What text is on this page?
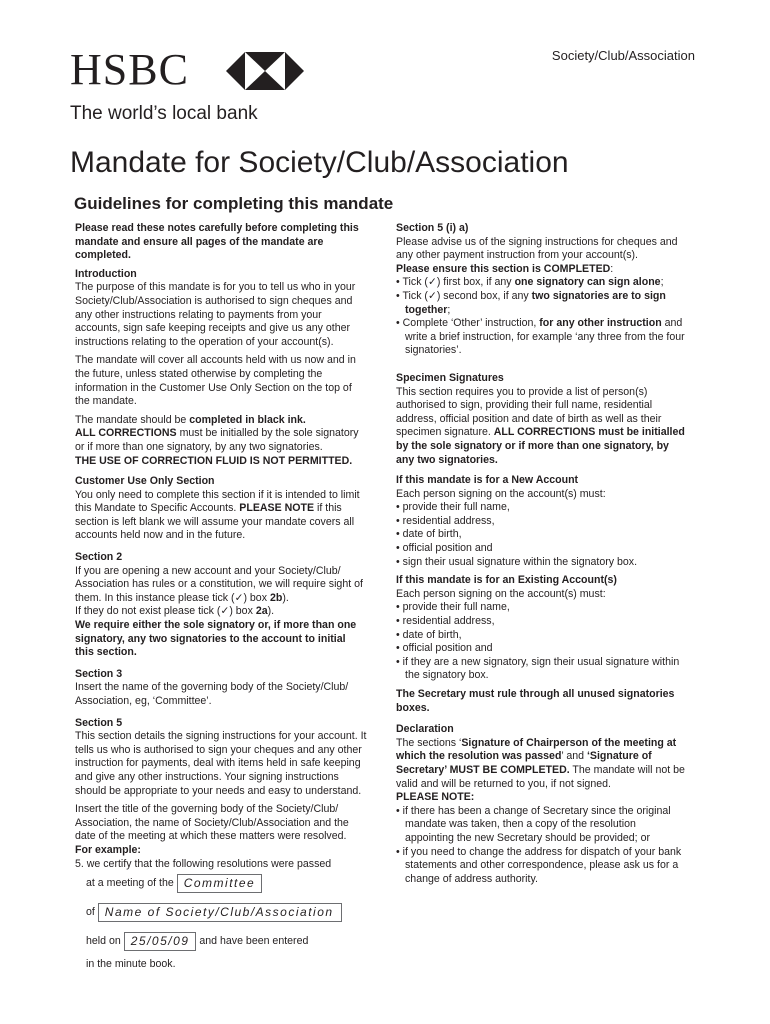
HSBC
The world’s local bank
Society/Club/Association
Mandate for Society/Club/Association
Guidelines for completing this mandate

Please read these notes carefully before completing this mandate and ensure all pages of the mandate are completed.

Introduction

The purpose of this mandate is for you to tell us who in your Society/Club/Association is authorised to sign cheques and any other instructions relating to payments from your accounts, sign safe keeping receipts and give us any other instructions relating to the operation of your account(s).

The mandate will cover all accounts held with us now and in the future, unless stated otherwise by completing the information in the Customer Use Only Section on the top of the mandate.

The mandate should be completed in black ink.

ALL CORRECTIONS must be initialled by the sole signatory or if more than one signatory, by any two signatories.

THE USE OF CORRECTION FLUID IS NOT PERMITTED.

Customer Use Only Section

You only need to complete this section if it is intended to limit this Mandate to Specific Accounts. PLEASE NOTE if this section is left blank we will assume your mandate covers all accounts held now and in the future.

Section 2

If you are opening a new account and your Society/Club/ Association has rules or a constitution, we will require sight of them. In this instance please tick (✓) box 2b).

If they do not exist please tick (✓) box 2a).

We require either the sole signatory or, if more than one signatory, any two signatories to the account to initial this section.

Section 3

Insert the name of the governing body of the Society/Club/ Association, eg, ‘Committee’.

Section 5

This section details the signing instructions for your account. It tells us who is authorised to sign your cheques and any other instruction for payments, deal with items held in safe keeping and give any other instructions. Your signing instructions should be appropriate to your needs and easy to understand.

Insert the title of the governing body of the Society/Club/ Association, the name of Society/Club/Association and the date of the meeting at which these matters were resolved.

For example:

5. we certify that the following resolutions were passed

at a meeting of the Committee

of Name of Society/Club/Association

held on 25/05/09 and have been entered

in the minute book.

Section 5 (i) a)

Please advise us of the signing instructions for cheques and any other payment instruction from your account(s).

Please ensure this section is COMPLETED:

• Tick (✓) first box, if any one signatory can sign alone;
• Tick (✓) second box, if any two signatories are to sign together;
• Complete ‘Other’ instruction, for any other instruction and write a brief instruction, for example ‘any three from the four signatories’.

Specimen Signatures

This section requires you to provide a list of person(s) authorised to sign, providing their full name, residential address, official position and date of birth as well as their specimen signature. ALL CORRECTIONS must be initialled by the sole signatory or if more than one signatory, by any two signatories.

If this mandate is for a New Account

Each person signing on the account(s) must:

• provide their full name,
• residential address,
• date of birth,
• official position and
• sign their usual signature within the signatory box.

If this mandate is for an Existing Account(s)

Each person signing on the account(s) must:

• provide their full name,
• residential address,
• date of birth,
• official position and
• if they are a new signatory, sign their usual signature within the signatory box.

The Secretary must rule through all unused signatories boxes.

Declaration

The sections ‘Signature of Chairperson of the meeting at which the resolution was passed’ and ‘Signature of Secretary’ MUST BE COMPLETED. The mandate will not be valid and will be returned to you, if not signed.

PLEASE NOTE:

• if there has been a change of Secretary since the original mandate was taken, then a copy of the resolution appointing the new Secretary should be provided; or
• if you need to change the address for dispatch of your bank statements and other correspondence, please ask us for a change of address authority.
